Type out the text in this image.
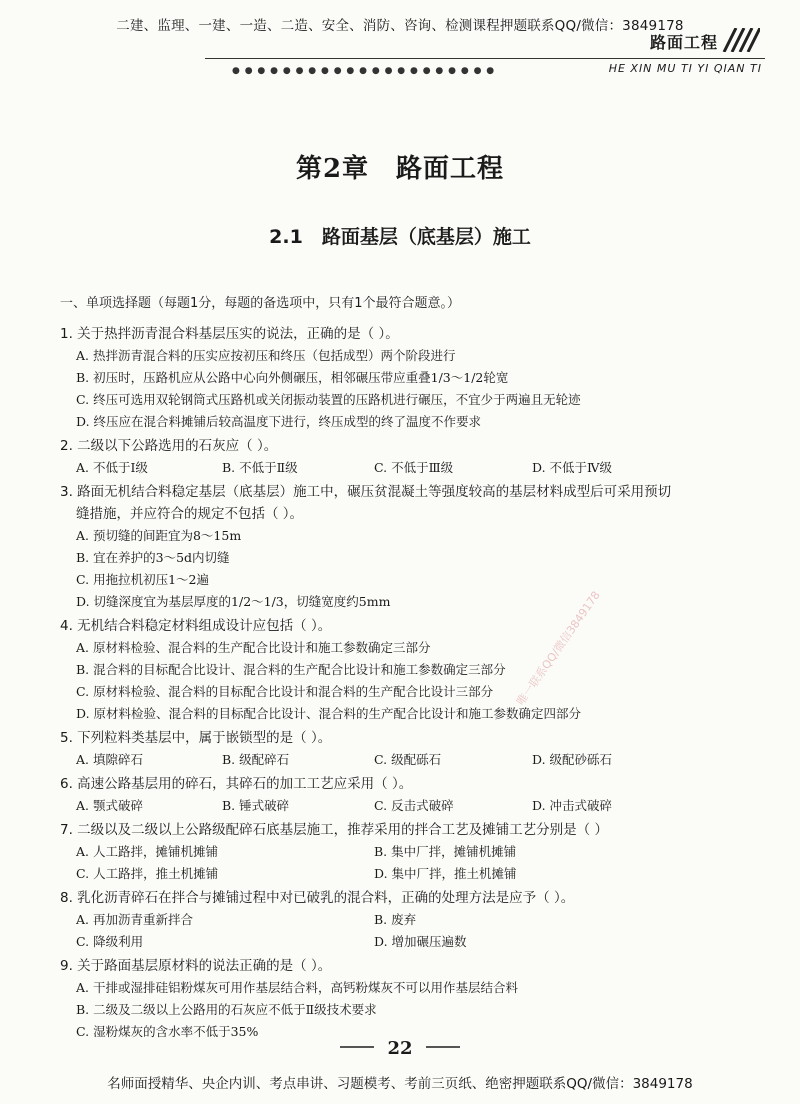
二建、监理、一建、一造、二造、安全、消防、咨询、检测课程押题联系QQ/微信：3849178
路面工程
● ● ● ● ● ● ● ● ● ● ● ● ● ● ● ● ● ● ● ● ●	HE XIN MU TI YI QIAN TI
第2章　路面工程
2.1　路面基层（底基层）施工
一、单项选择题（每题1分，每题的备选项中，只有1个最符合题意。）
1. 关于热拌沥青混合料基层压实的说法，正确的是（ ）。
A. 热拌沥青混合料的压实应按初压和终压（包括成型）两个阶段进行
B. 初压时，压路机应从公路中心向外侧碾压，相邻碾压带应重叠1/3～1/2轮宽
C. 终压可选用双轮钢筒式压路机或关闭振动装置的压路机进行碾压，不宜少于两遍且无轮迹
D. 终压应在混合料摊铺后较高温度下进行，终压成型的终了温度不作要求
2. 二级以下公路选用的石灰应（ ）。
A. 不低于Ⅰ级	B. 不低于Ⅱ级	C. 不低于Ⅲ级	D. 不低于Ⅳ级
3. 路面无机结合料稳定基层（底基层）施工中，碾压贫混凝土等强度较高的基层材料成型后可采用预切
缝措施，并应符合的规定不包括（ ）。
A. 预切缝的间距宜为8～15m
B. 宜在养护的3～5d内切缝
C. 用拖拉机初压1～2遍
D. 切缝深度宜为基层厚度的1/2～1/3，切缝宽度约5mm
4. 无机结合料稳定材料组成设计应包括（ ）。
A. 原材料检验、混合料的生产配合比设计和施工参数确定三部分
B. 混合料的目标配合比设计、混合料的生产配合比设计和施工参数确定三部分
C. 原材料检验、混合料的目标配合比设计和混合料的生产配合比设计三部分
D. 原材料检验、混合料的目标配合比设计、混合料的生产配合比设计和施工参数确定四部分
5. 下列粒料类基层中，属于嵌锁型的是（ ）。
A. 填隙碎石	B. 级配碎石	C. 级配砾石	D. 级配砂砾石
6. 高速公路基层用的碎石，其碎石的加工工艺应采用（ ）。
A. 颚式破碎	B. 锤式破碎	C. 反击式破碎	D. 冲击式破碎
7. 二级以及二级以上公路级配碎石底基层施工，推荐采用的拌合工艺及摊铺工艺分别是（ ）
A. 人工路拌，摊铺机摊铺	B. 集中厂拌，摊铺机摊铺
C. 人工路拌，推土机摊铺	D. 集中厂拌，推土机摊铺
8. 乳化沥青碎石在拌合与摊铺过程中对已破乳的混合料，正确的处理方法是应予（ ）。
A. 再加沥青重新拌合	B. 废弃
C. 降级利用	D. 增加碾压遍数
9. 关于路面基层原材料的说法正确的是（ ）。
A. 干排或湿排硅铝粉煤灰可用作基层结合料，高钙粉煤灰不可以用作基层结合料
B. 二级及二级以上公路用的石灰应不低于Ⅱ级技术要求
C. 湿粉煤灰的含水率不低于35%
唯一联系QQ/微信3849178
22
名师面授精华、央企内训、考点串讲、习题模考、考前三页纸、绝密押题联系QQ/微信：3849178
